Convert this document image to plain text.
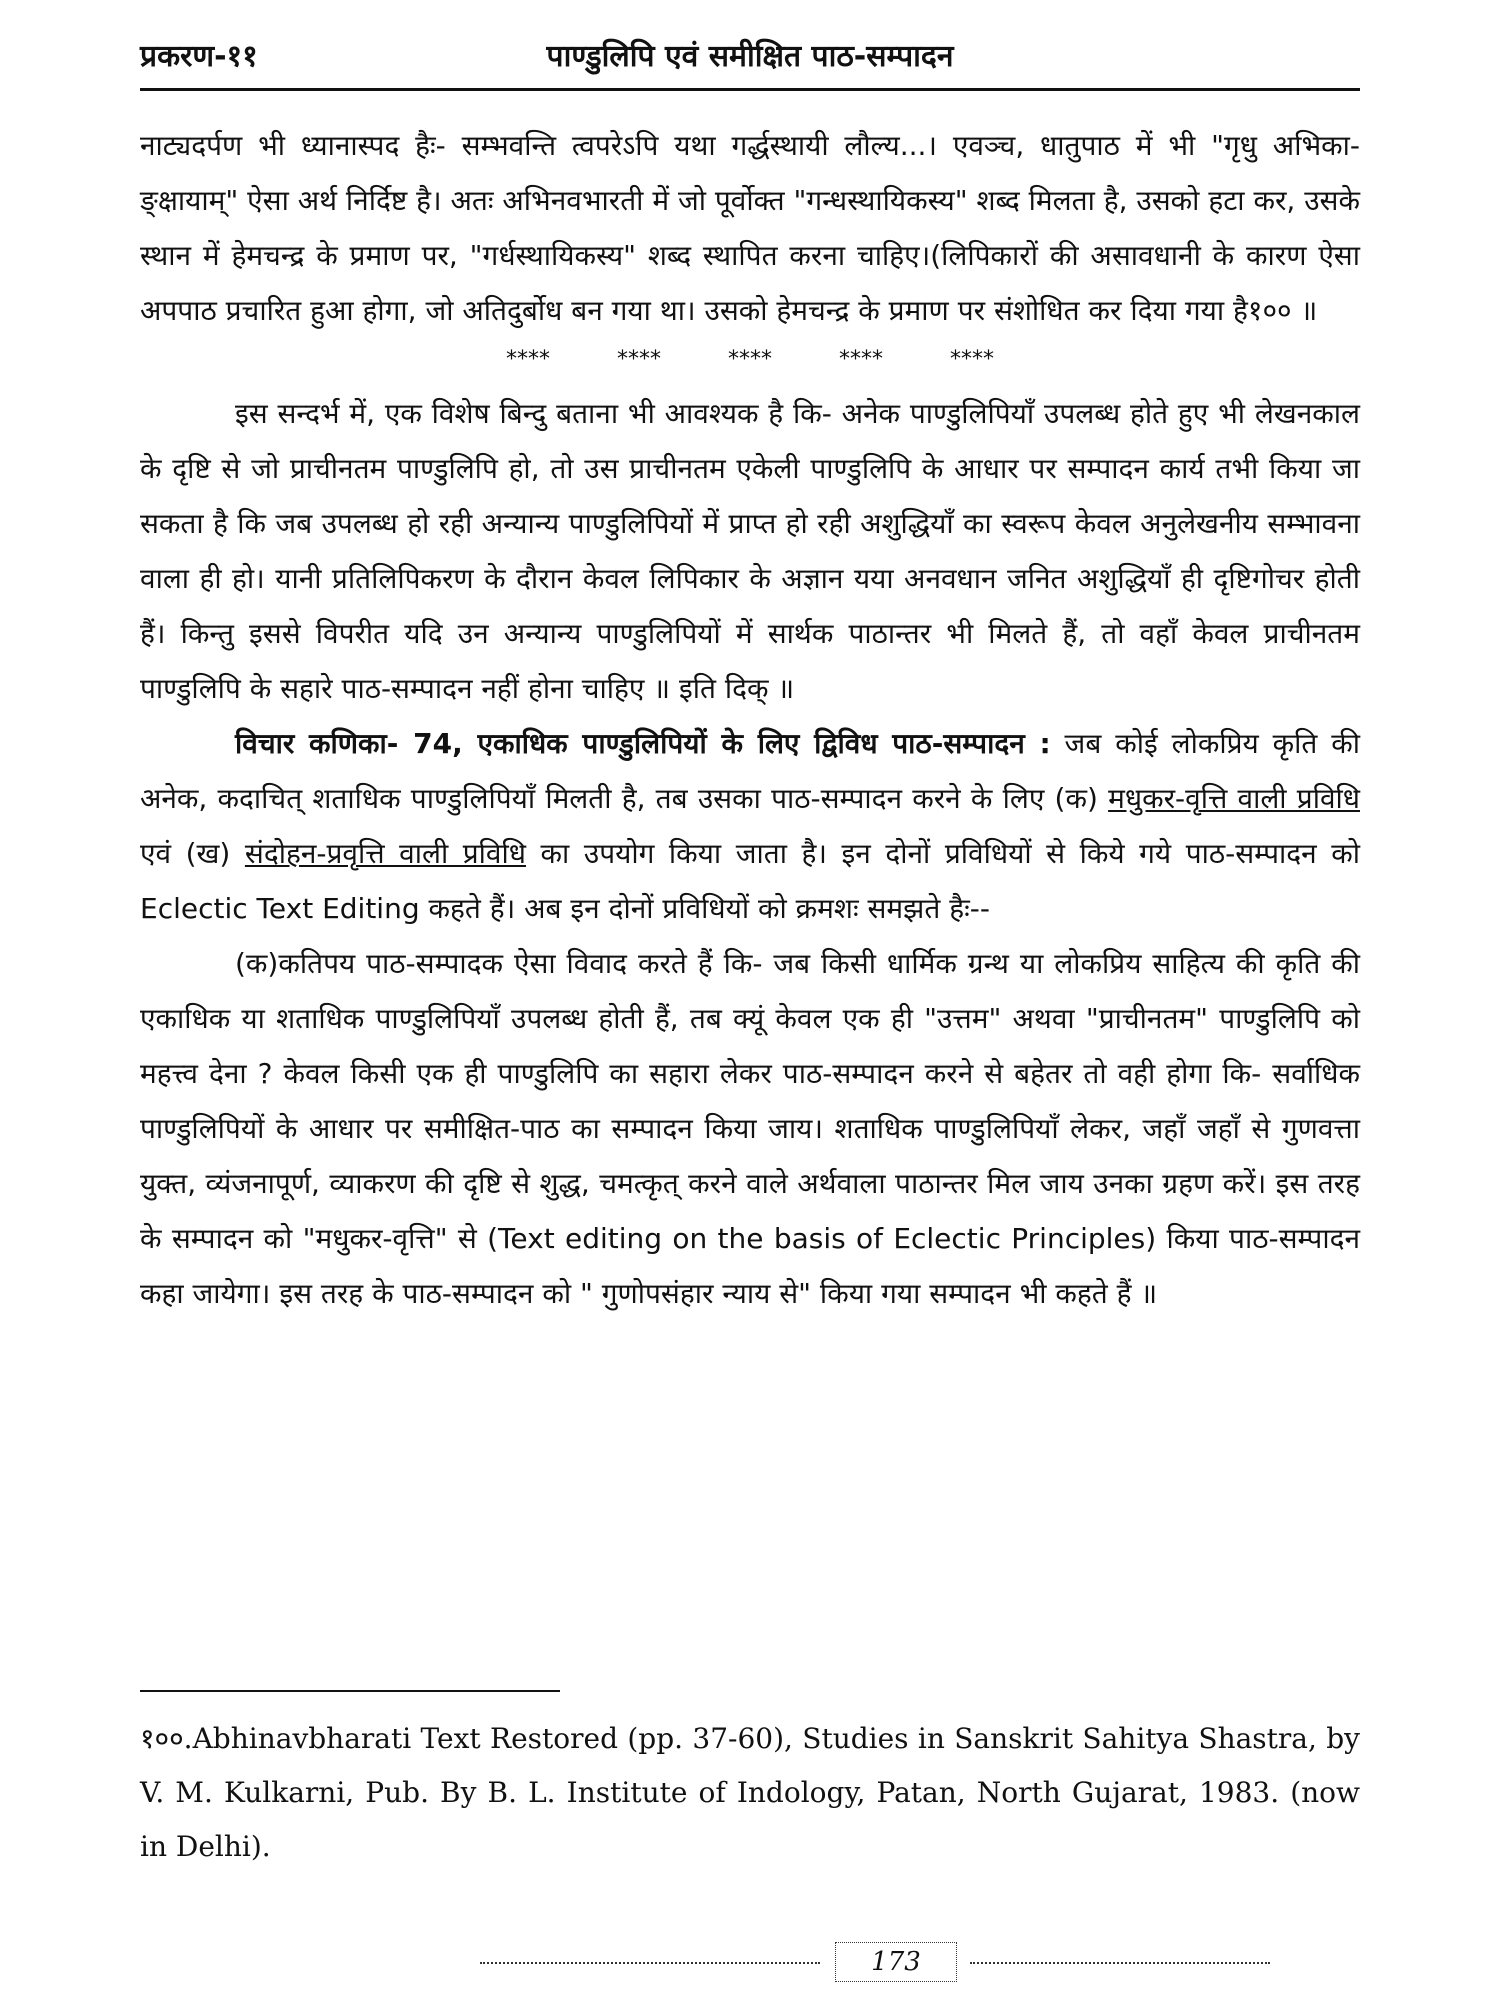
प्रकरण-११	पाण्डुलिपि एवं समीक्षित पाठ-सम्पादन

नाट्यदर्पण भी ध्यानास्पद हैः- सम्भवन्ति त्वपरेऽपि यथा गर्द्धस्थायी लौल्य...। एवञ्च, धातुपाठ में भी "गृधु अभिका-ङ्क्षायाम्" ऐसा अर्थ निर्दिष्ट है। अतः अभिनवभारती में जो पूर्वोक्त "गन्धस्थायिकस्य" शब्द मिलता है, उसको हटा कर, उसके स्थान में हेमचन्द्र के प्रमाण पर, "गर्धस्थायिकस्य" शब्द स्थापित करना चाहिए।(लिपिकारों की असावधानी के कारण ऐसा अपपाठ प्रचारित हुआ होगा, जो अतिदुर्बोध बन गया था। उसको हेमचन्द्र के प्रमाण पर संशोधित कर दिया गया है१०० ॥

**** **** **** **** ****

इस सन्दर्भ में, एक विशेष बिन्दु बताना भी आवश्यक है कि- अनेक पाण्डुलिपियाँ उपलब्ध होते हुए भी लेखनकाल के दृष्टि से जो प्राचीनतम पाण्डुलिपि हो, तो उस प्राचीनतम एकेली पाण्डुलिपि के आधार पर सम्पादन कार्य तभी किया जा सकता है कि जब उपलब्ध हो रही अन्यान्य पाण्डुलिपियों में प्राप्त हो रही अशुद्धियाँ का स्वरूप केवल अनुलेखनीय सम्भावना वाला ही हो। यानी प्रतिलिपिकरण के दौरान केवल लिपिकार के अज्ञान यया अनवधान जनित अशुद्धियाँ ही दृष्टिगोचर होती हैं। किन्तु इससे विपरीत यदि उन अन्यान्य पाण्डुलिपियों में सार्थक पाठान्तर भी मिलते हैं, तो वहाँ केवल प्राचीनतम पाण्डुलिपि के सहारे पाठ-सम्पादन नहीं होना चाहिए ॥ इति दिक् ॥

विचार कणिका- 74, एकाधिक पाण्डुलिपियों के लिए द्विविध पाठ-सम्पादन : जब कोई लोकप्रिय कृति की अनेक, कदाचित् शताधिक पाण्डुलिपियाँ मिलती है, तब उसका पाठ-सम्पादन करने के लिए (क) मधुकर-वृत्ति वाली प्रविधि एवं (ख) संदोहन-प्रवृत्ति वाली प्रविधि का उपयोग किया जाता है। इन दोनों प्रविधियों से किये गये पाठ-सम्पादन को Eclectic Text Editing कहते हैं। अब इन दोनों प्रविधियों को क्रमशः समझते हैः--

(क)कतिपय पाठ-सम्पादक ऐसा विवाद करते हैं कि- जब किसी धार्मिक ग्रन्थ या लोकप्रिय साहित्य की कृति की एकाधिक या शताधिक पाण्डुलिपियाँ उपलब्ध होती हैं, तब क्यूं केवल एक ही "उत्तम" अथवा "प्राचीनतम" पाण्डुलिपि को महत्त्व देना ? केवल किसी एक ही पाण्डुलिपि का सहारा लेकर पाठ-सम्पादन करने से बहेतर तो वही होगा कि- सर्वाधिक पाण्डुलिपियों के आधार पर समीक्षित-पाठ का सम्पादन किया जाय। शताधिक पाण्डुलिपियाँ लेकर, जहाँ जहाँ से गुणवत्ता युक्त, व्यंजनापूर्ण, व्याकरण की दृष्टि से शुद्ध, चमत्कृत् करने वाले अर्थवाला पाठान्तर मिल जाय उनका ग्रहण करें। इस तरह के सम्पादन को "मधुकर-वृत्ति" से (Text editing on the basis of Eclectic Principles) किया पाठ-सम्पादन कहा जायेगा। इस तरह के पाठ-सम्पादन को " गुणोपसंहार न्याय से" किया गया सम्पादन भी कहते हैं ॥

१००.Abhinavbharati Text Restored (pp. 37-60), Studies in Sanskrit Sahitya Shastra, by V. M. Kulkarni, Pub. By B. L. Institute of Indology, Patan, North Gujarat, 1983. (now in Delhi).
173
